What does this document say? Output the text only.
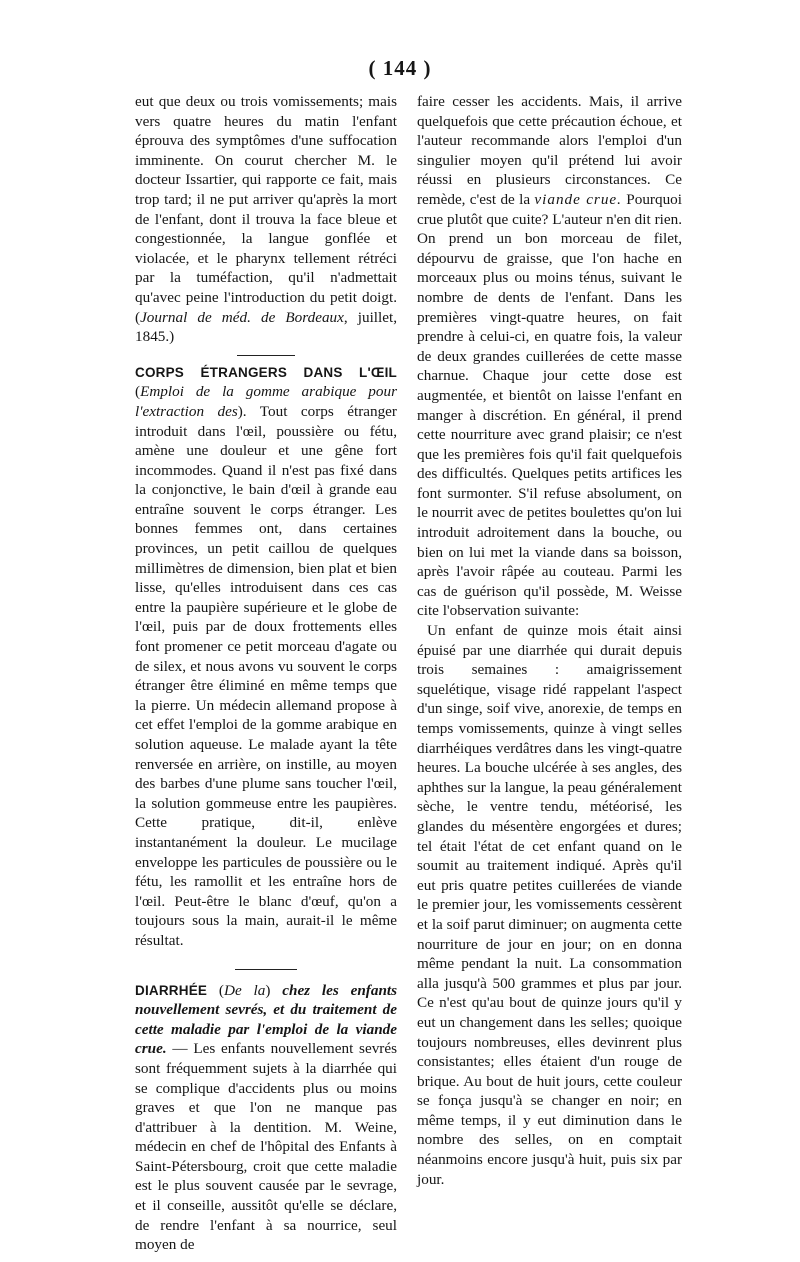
( 144 )

eut que deux ou trois vomissements; mais vers quatre heures du matin l'enfant éprouva des symptômes d'une suffocation imminente. On courut chercher M. le docteur Issartier, qui rapporte ce fait, mais trop tard; il ne put arriver qu'après la mort de l'enfant, dont il trouva la face bleue et congestionnée, la langue gonflée et violacée, et le pharynx tellement rétréci par la tuméfaction, qu'il n'admettait qu'avec peine l'introduction du petit doigt. (Journal de méd. de Bordeaux, juillet, 1845.)

CORPS ÉTRANGERS DANS L'ŒIL (Emploi de la gomme arabique pour l'extraction des). Tout corps étranger introduit dans l'œil, poussière ou fétu, amène une douleur et une gêne fort incommodes. Quand il n'est pas fixé dans la conjonctive, le bain d'œil à grande eau entraîne souvent le corps étranger. Les bonnes femmes ont, dans certaines provinces, un petit caillou de quelques millimètres de dimension, bien plat et bien lisse, qu'elles introduisent dans ces cas entre la paupière supérieure et le globe de l'œil, puis par de doux frottements elles font promener ce petit morceau d'agate ou de silex, et nous avons vu souvent le corps étranger être éliminé en même temps que la pierre. Un médecin allemand propose à cet effet l'emploi de la gomme arabique en solution aqueuse. Le malade ayant la tête renversée en arrière, on instille, au moyen des barbes d'une plume sans toucher l'œil, la solution gommeuse entre les paupières. Cette pratique, dit-il, enlève instantanément la douleur. Le mucilage enveloppe les particules de poussière ou le fétu, les ramollit et les entraîne hors de l'œil. Peut-être le blanc d'œuf, qu'on a toujours sous la main, aurait-il le même résultat.

DIARRHÉE (De la) chez les enfants nouvellement sevrés, et du traitement de cette maladie par l'emploi de la viande crue. — Les enfants nouvellement sevrés sont fréquemment sujets à la diarrhée qui se complique d'accidents plus ou moins graves et que l'on ne manque pas d'attribuer à la dentition. M. Weine, médecin en chef de l'hôpital des Enfants à Saint-Pétersbourg, croit que cette maladie est le plus souvent causée par le sevrage, et il conseille, aussitôt qu'elle se déclare, de rendre l'enfant à sa nourrice, seul moyen de

faire cesser les accidents. Mais, il arrive quelquefois que cette précaution échoue, et l'auteur recommande alors l'emploi d'un singulier moyen qu'il prétend lui avoir réussi en plusieurs circonstances. Ce remède, c'est de la viande crue. Pourquoi crue plutôt que cuite? L'auteur n'en dit rien. On prend un bon morceau de filet, dépourvu de graisse, que l'on hache en morceaux plus ou moins ténus, suivant le nombre de dents de l'enfant. Dans les premières vingt-quatre heures, on fait prendre à celui-ci, en quatre fois, la valeur de deux grandes cuillerées de cette masse charnue. Chaque jour cette dose est augmentée, et bientôt on laisse l'enfant en manger à discrétion. En général, il prend cette nourriture avec grand plaisir; ce n'est que les premières fois qu'il fait quelquefois des difficultés. Quelques petits artifices les font surmonter. S'il refuse absolument, on le nourrit avec de petites boulettes qu'on lui introduit adroitement dans la bouche, ou bien on lui met la viande dans sa boisson, après l'avoir râpée au couteau. Parmi les cas de guérison qu'il possède, M. Weisse cite l'observation suivante:

Un enfant de quinze mois était ainsi épuisé par une diarrhée qui durait depuis trois semaines : amaigrissement squelétique, visage ridé rappelant l'aspect d'un singe, soif vive, anorexie, de temps en temps vomissements, quinze à vingt selles diarrhéiques verdâtres dans les vingt-quatre heures. La bouche ulcérée à ses angles, des aphthes sur la langue, la peau généralement sèche, le ventre tendu, météorisé, les glandes du mésentère engorgées et dures; tel était l'état de cet enfant quand on le soumit au traitement indiqué. Après qu'il eut pris quatre petites cuillerées de viande le premier jour, les vomissements cessèrent et la soif parut diminuer; on augmenta cette nourriture de jour en jour; on en donna même pendant la nuit. La consommation alla jusqu'à 500 grammes et plus par jour. Ce n'est qu'au bout de quinze jours qu'il y eut un changement dans les selles; quoique toujours nombreuses, elles devinrent plus consistantes; elles étaient d'un rouge de brique. Au bout de huit jours, cette couleur se fonça jusqu'à se changer en noir; en même temps, il y eut diminution dans le nombre des selles, on en comptait néanmoins encore jusqu'à huit, puis six par jour.
